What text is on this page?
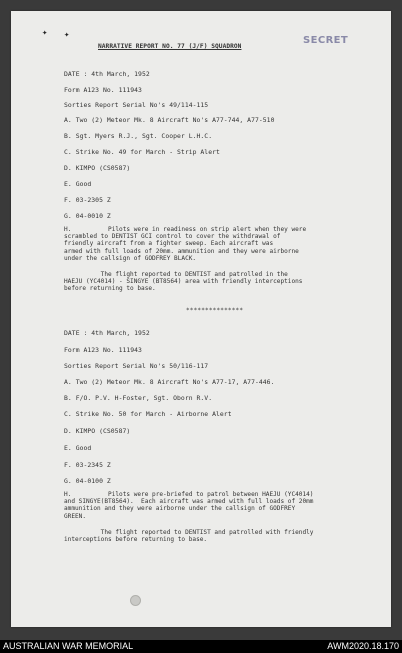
✦ ✦
NARRATIVE REPORT NO. 77 (J/F) SQUADRON
SECRET
DATE : 4th March, 1952
Form A123 No. 111943
Sorties Report Serial No's 49/114-115
A. Two (2) Meteor Mk. 8 Aircraft No's A77-744, A77-510
B. Sgt. Myers R.J., Sgt. Cooper L.H.C.
C. Strike No. 49 for March - Strip Alert
D. KIMPO (CS0587)
E. Good
F. 03-2305 Z
G. 04-0010 Z
H.          Pilots were in readiness on strip alert when they were
scrambled to DENTIST GCI control to cover the withdrawal of
friendly aircraft from a fighter sweep. Each aircraft was
armed with full loads of 20mm. ammunition and they were airborne
under the callsign of GODFREY BLACK.
The flight reported to DENTIST and patrolled in the
HAEJU (YC4014) - SINGYE (BT8564) area with friendly interceptions
before returning to base.
***************
DATE : 4th March, 1952
Form A123 No. 111943
Sorties Report Serial No's 50/116-117
A. Two (2) Meteor Mk. 8 Aircraft No's A77-17, A77-446.
B. F/O. P.V. H-Foster, Sgt. Oborn R.V.
C. Strike No. 50 for March - Airborne Alert
D. KIMPO (CS0587)
E. Good
F. 03-2345 Z
G. 04-0100 Z
H.          Pilots were pre-briefed to patrol between HAEJU (YC4014)
and SINGYE(BT8564).  Each aircraft was armed with full loads of 20mm
ammunition and they were airborne under the callsign of GODFREY
GREEN.
The flight reported to DENTIST and patrolled with friendly
interceptions before returning to base.
AUSTRALIAN WAR MEMORIAL	AWM2020.18.170
